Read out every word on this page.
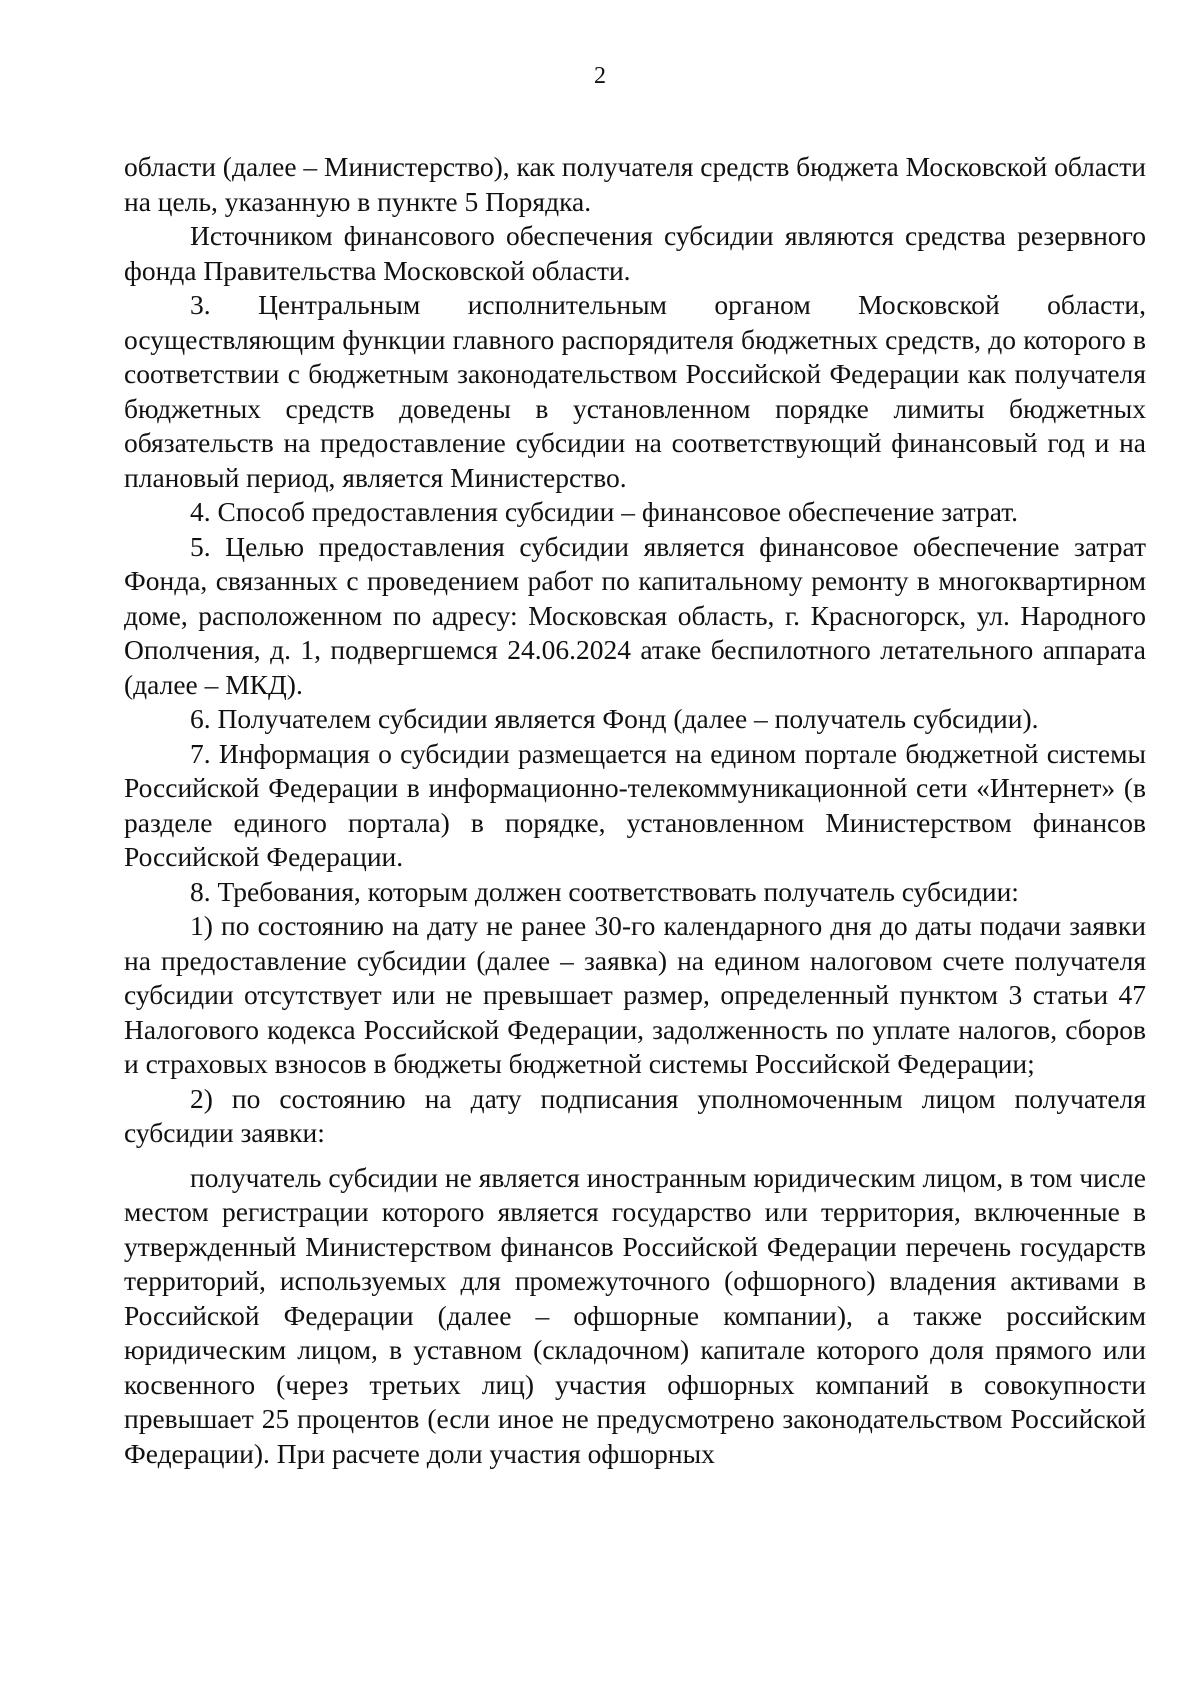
2

области (далее – Министерство), как получателя средств бюджета Московской области на цель, указанную в пункте 5 Порядка.

Источником финансового обеспечения субсидии являются средства резервного фонда Правительства Московской области.

3. Центральным исполнительным органом Московской области, осуществляющим функции главного распорядителя бюджетных средств, до которого в соответствии с бюджетным законодательством Российской Федерации как получателя бюджетных средств доведены в установленном порядке лимиты бюджетных обязательств на предоставление субсидии на соответствующий финансовый год и на плановый период, является Министерство.

4. Способ предоставления субсидии – финансовое обеспечение затрат.

5. Целью предоставления субсидии является финансовое обеспечение затрат Фонда, связанных с проведением работ по капитальному ремонту в многоквартирном доме, расположенном по адресу: Московская область, г. Красногорск, ул. Народного Ополчения, д. 1, подвергшемся 24.06.2024 атаке беспилотного летательного аппарата (далее – МКД).

6. Получателем субсидии является Фонд (далее – получатель субсидии).

7. Информация о субсидии размещается на едином портале бюджетной системы Российской Федерации в информационно-телекоммуникационной сети «Интернет» (в разделе единого портала) в порядке, установленном Министерством финансов Российской Федерации.

8. Требования, которым должен соответствовать получатель субсидии:

1) по состоянию на дату не ранее 30-го календарного дня до даты подачи заявки на предоставление субсидии (далее – заявка) на едином налоговом счете получателя субсидии отсутствует или не превышает размер, определенный пунктом 3 статьи 47 Налогового кодекса Российской Федерации, задолженность по уплате налогов, сборов и страховых взносов в бюджеты бюджетной системы Российской Федерации;

2) по состоянию на дату подписания уполномоченным лицом получателя субсидии заявки:

получатель субсидии не является иностранным юридическим лицом, в том числе местом регистрации которого является государство или территория, включенные в утвержденный Министерством финансов Российской Федерации перечень государств территорий, используемых для промежуточного (офшорного) владения активами в Российской Федерации (далее – офшорные компании), а также российским юридическим лицом, в уставном (складочном) капитале которого доля прямого или косвенного (через третьих лиц) участия офшорных компаний в совокупности превышает 25 процентов (если иное не предусмотрено законодательством Российской Федерации). При расчете доли участия офшорных
